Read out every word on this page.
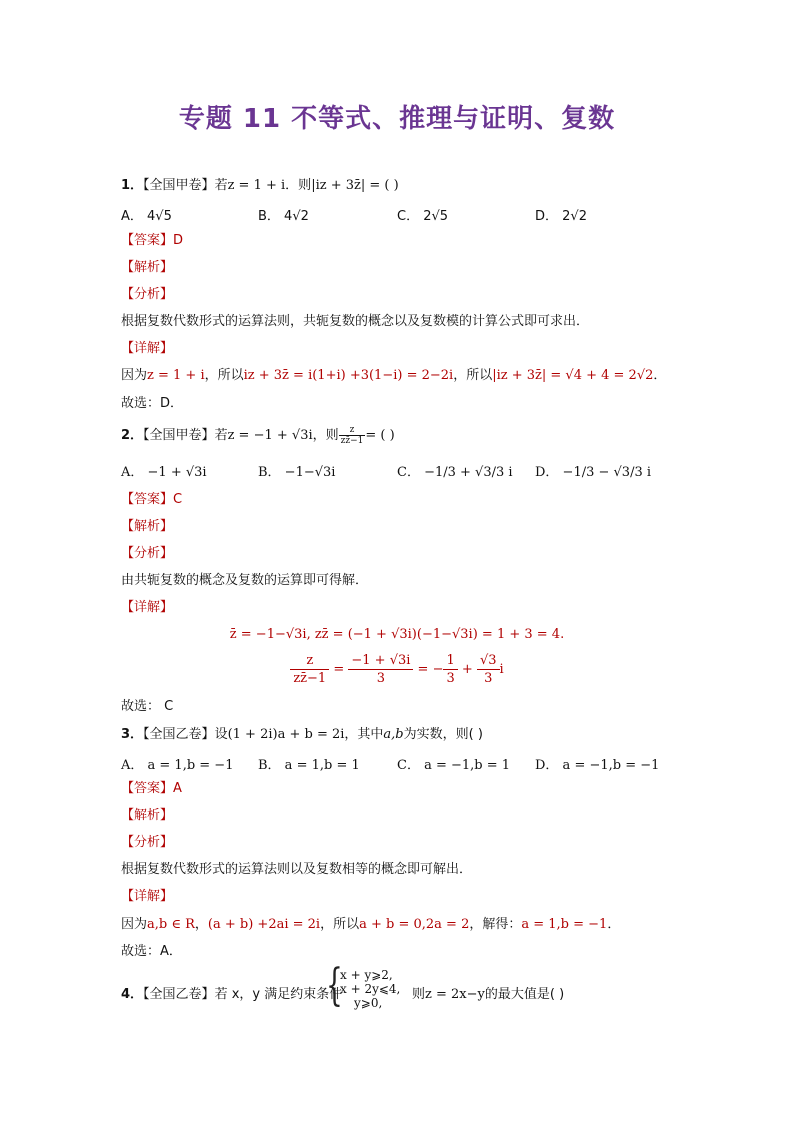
专题 11 不等式、推理与证明、复数
1．【全国甲卷】若z = 1 + i．则|iz + 3z̄| = ( )
A． 4√5	B． 4√2	C． 2√5	D． 2√2
【答案】D
【解析】
【分析】
根据复数代数形式的运算法则，共轭复数的概念以及复数模的计算公式即可求出．
【详解】
因为z = 1 + i，所以iz + 3z̄ = i(1+i) +3(1−i) = 2−2i，所以|iz + 3z̄| = √4 + 4 = 2√2．
故选：D．
2．【全国甲卷】若z = −1 + √3i，则 $\frac{z}{zz̄-1}$ = ( )
A． −1 + √3i	B． −1−√3i	C． −1/3 + √3/3 i D． −1/3 − √3/3 i
【答案】C
【解析】
【分析】
由共轭复数的概念及复数的运算即可得解．
【详解】
z̄ = −1−√3i, zz̄ = (−1 + √3i)(−1−√3i) = 1 + 3 = 4.
$\frac{z}{zz̄-1} = \frac{-1 + √3i}{3}$ = − $\frac{1}{3} + \frac{√3}{3}$ i
故选： C
3．【全国乙卷】设(1 + 2i)a + b = 2i，其中a,b为实数，则( )
A． a = 1,b = −1 B． a = 1,b = 1	C． a = −1,b = 1 D． a = −1,b = −1
【答案】A
【解析】
【分析】
根据复数代数形式的运算法则以及复数相等的概念即可解出．
【详解】
因为a,b ∈ R，(a + b) +2ai = 2i，所以a + b = 0,2a = 2，解得：a = 1,b = −1．
故选：A．
4．【全国乙卷】若 x，y 满足约束条件
{
x + y⩾2,
x + 2y⩽4,
y⩾0,
则z = 2x−y的最大值是( )
